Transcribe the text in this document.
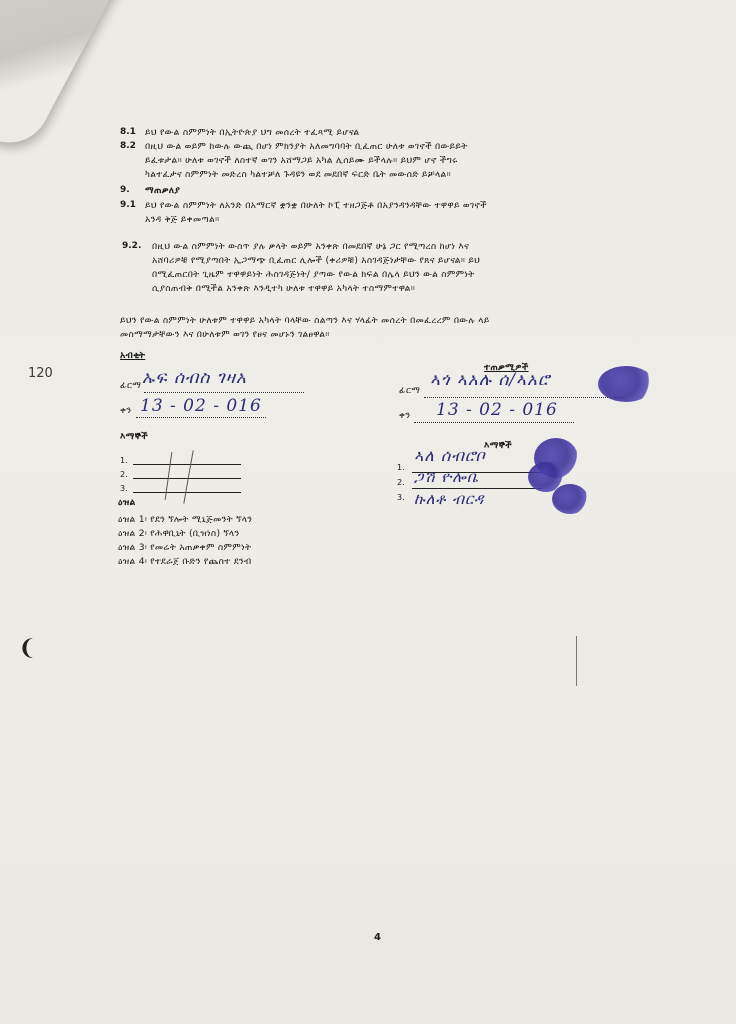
8.1 ይህ የውል ስምምነት በኢትዮጵያ ህግ መሰረት ተፈጻሚ ይሆናል
8.2 በዚህ ውል ወይም ከውሉ ውጪ በሆነ ምክንያት አለመግባባት ቢፈጠር ሁለቱ ወገኖች በውይይት
ይፈቱታል። ሁለቱ ወገኖች ለስተኛ ወገን አሸማጋይ አካል ሊሰይሙ ይችላሉ። ይህም ሆኖ ችግሩ
ካልተፈታና ስምምነት መድረስ ካልተቻለ ጉዳዩን ወደ መደበኛ ፍርድ ቤት መውሰድ ይቻላል።
9. ማጠቃለያ
9.1 ይህ የውል ስምምነት ለአንድ በአማርኛ ቋንቋ በሁለት ኮፒ ተዘጋጅቶ በአያንዳንዳቸው ተዋዋይ ወገኖች
አንዳ ቅጅ ይቀመጣል።
9.2. በዚህ ውል ስምምነት ውስጥ ያሉ ቃላት ወይም አንቀጽ በመደበኛ ሁኔ ጋር የሚጣረስ ከሆነ እና
አሸባሪዎቹ የሚያጣበት ኢጋማጭ ቢፈጠር ሊሎች (ቀሪዎቹ) አስገዳጅነታቸው የጸና ይሆናል። ይህ
በሚፈጠርበት ጊዜም ተዋዋይነት ሕስገዳጅነት/ ያጣው የውል ክፍል በሌላ ይህን ውል ስምምነት
ሲያስጠብቅ በሚችል አንቀጽ እንዲተካ ሁለቱ ተዋዋይ አካላት ተስማምተዋል።
ይህን የውል ስምምነት ሁለቱም ተዋዋይ አካላት ባላቸው ስልጣን እና ሃላፊት መሰረት በመፈረረም በውሉ ላይ
መስማማታቸውን እና በሁለቱም ወገን የፀና መሆኑን ገልፀዋል።
120
አብቂት
ፊርማ ኡፍ ሰብስ ገዛአ
ቀን 13 - 02 - 016
እማኞች
1.
2.
3.
ዕዝል
ዕዝል 1፡ የደን ኘሎት ሚኒጅመንት ኘላን
ዕዝል 2፡ የሕዋቢኒት (ቢዝነስ) ኘላን
ዕዝል 3፡ የመሬት አጠቃቀም ስምምነት
ዕዝል 4፡ የተደራጀ ቡድን የጨስተ ደንብ
ተጠቃሚዎች
ፊርማ
ኣጎ ኣአሉ ሰ/ኣአሮ
ቀን 13 - 02 - 016
እማኞች
1.
2.
3.
ኣለ ሰብሮቦ
ጋሽ ዮሎቤ
ኩለቶ ብርዳ
❨
4
